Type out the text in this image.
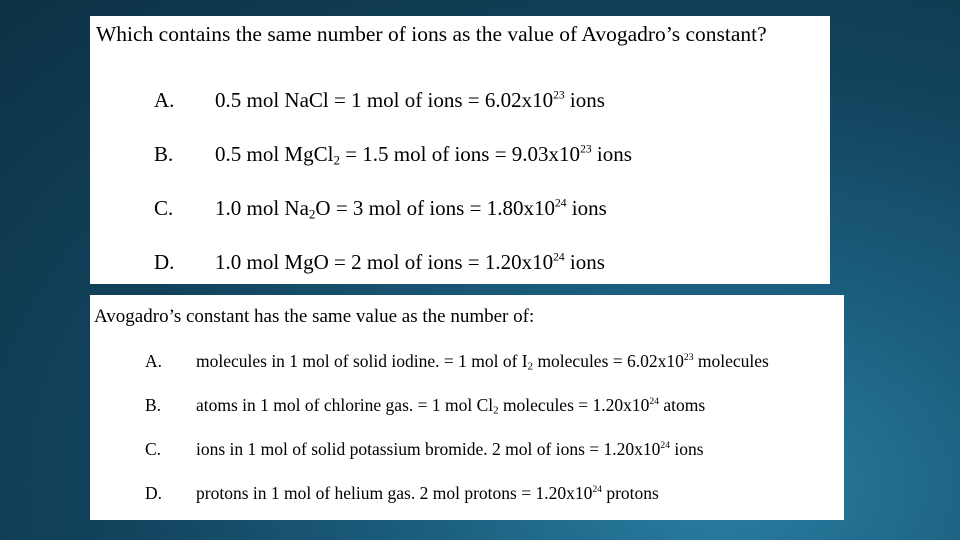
Which contains the same number of ions as the value of Avogadro’s constant?
A. 0.5 mol NaCl = 1 mol of ions = $6.02x10^{23}$ ions
B. 0.5 mol MgCl$_2$ = 1.5 mol of ions = $9.03x10^{23}$ ions
C. 1.0 mol $Na_2O = 3$ mol of ions = $1.80x10^{24}$ ions
D. 1.0 mol MgO = 2 mol of ions = $1.20x10^{24}$ ions
Avogadro’s constant has the same value as the number of:
A. molecules in 1 mol of solid iodine. = 1 mol of $I_2$ molecules = $6.02x10^{23}$ molecules
B. atoms in 1 mol of chlorine gas. = 1 mol $Cl_2$ molecules = $1.20x10^{24}$ atoms
C. ions in 1 mol of solid potassium bromide. 2 mol of ions = $1.20x10^{24}$ ions
D. protons in 1 mol of helium gas. 2 mol protons = $1.20x10^{24}$ protons
